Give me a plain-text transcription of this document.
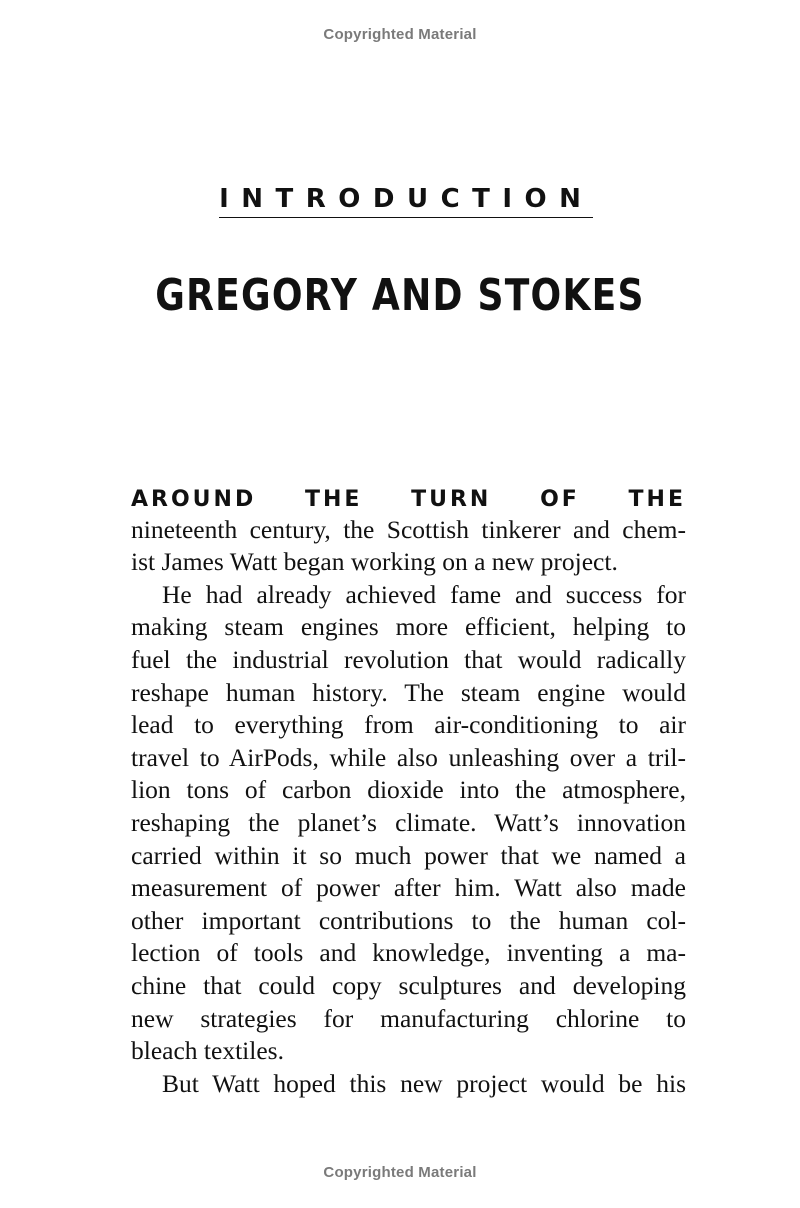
Copyrighted Material
INTRODUCTION
GREGORY AND STOKES
AROUND THE TURN OF THE
nineteenth century, the Scottish tinkerer and chem-
ist James Watt began working on a new project.
He had already achieved fame and success for
making steam engines more efficient, helping to
fuel the industrial revolution that would radically
reshape human history. The steam engine would
lead to everything from air-conditioning to air
travel to AirPods, while also unleashing over a tril-
lion tons of carbon dioxide into the atmosphere,
reshaping the planet’s climate. Watt’s innovation
carried within it so much power that we named a
measurement of power after him. Watt also made
other important contributions to the human col-
lection of tools and knowledge, inventing a ma-
chine that could copy sculptures and developing
new strategies for manufacturing chlorine to
bleach textiles.
But Watt hoped this new project would be his
Copyrighted Material
